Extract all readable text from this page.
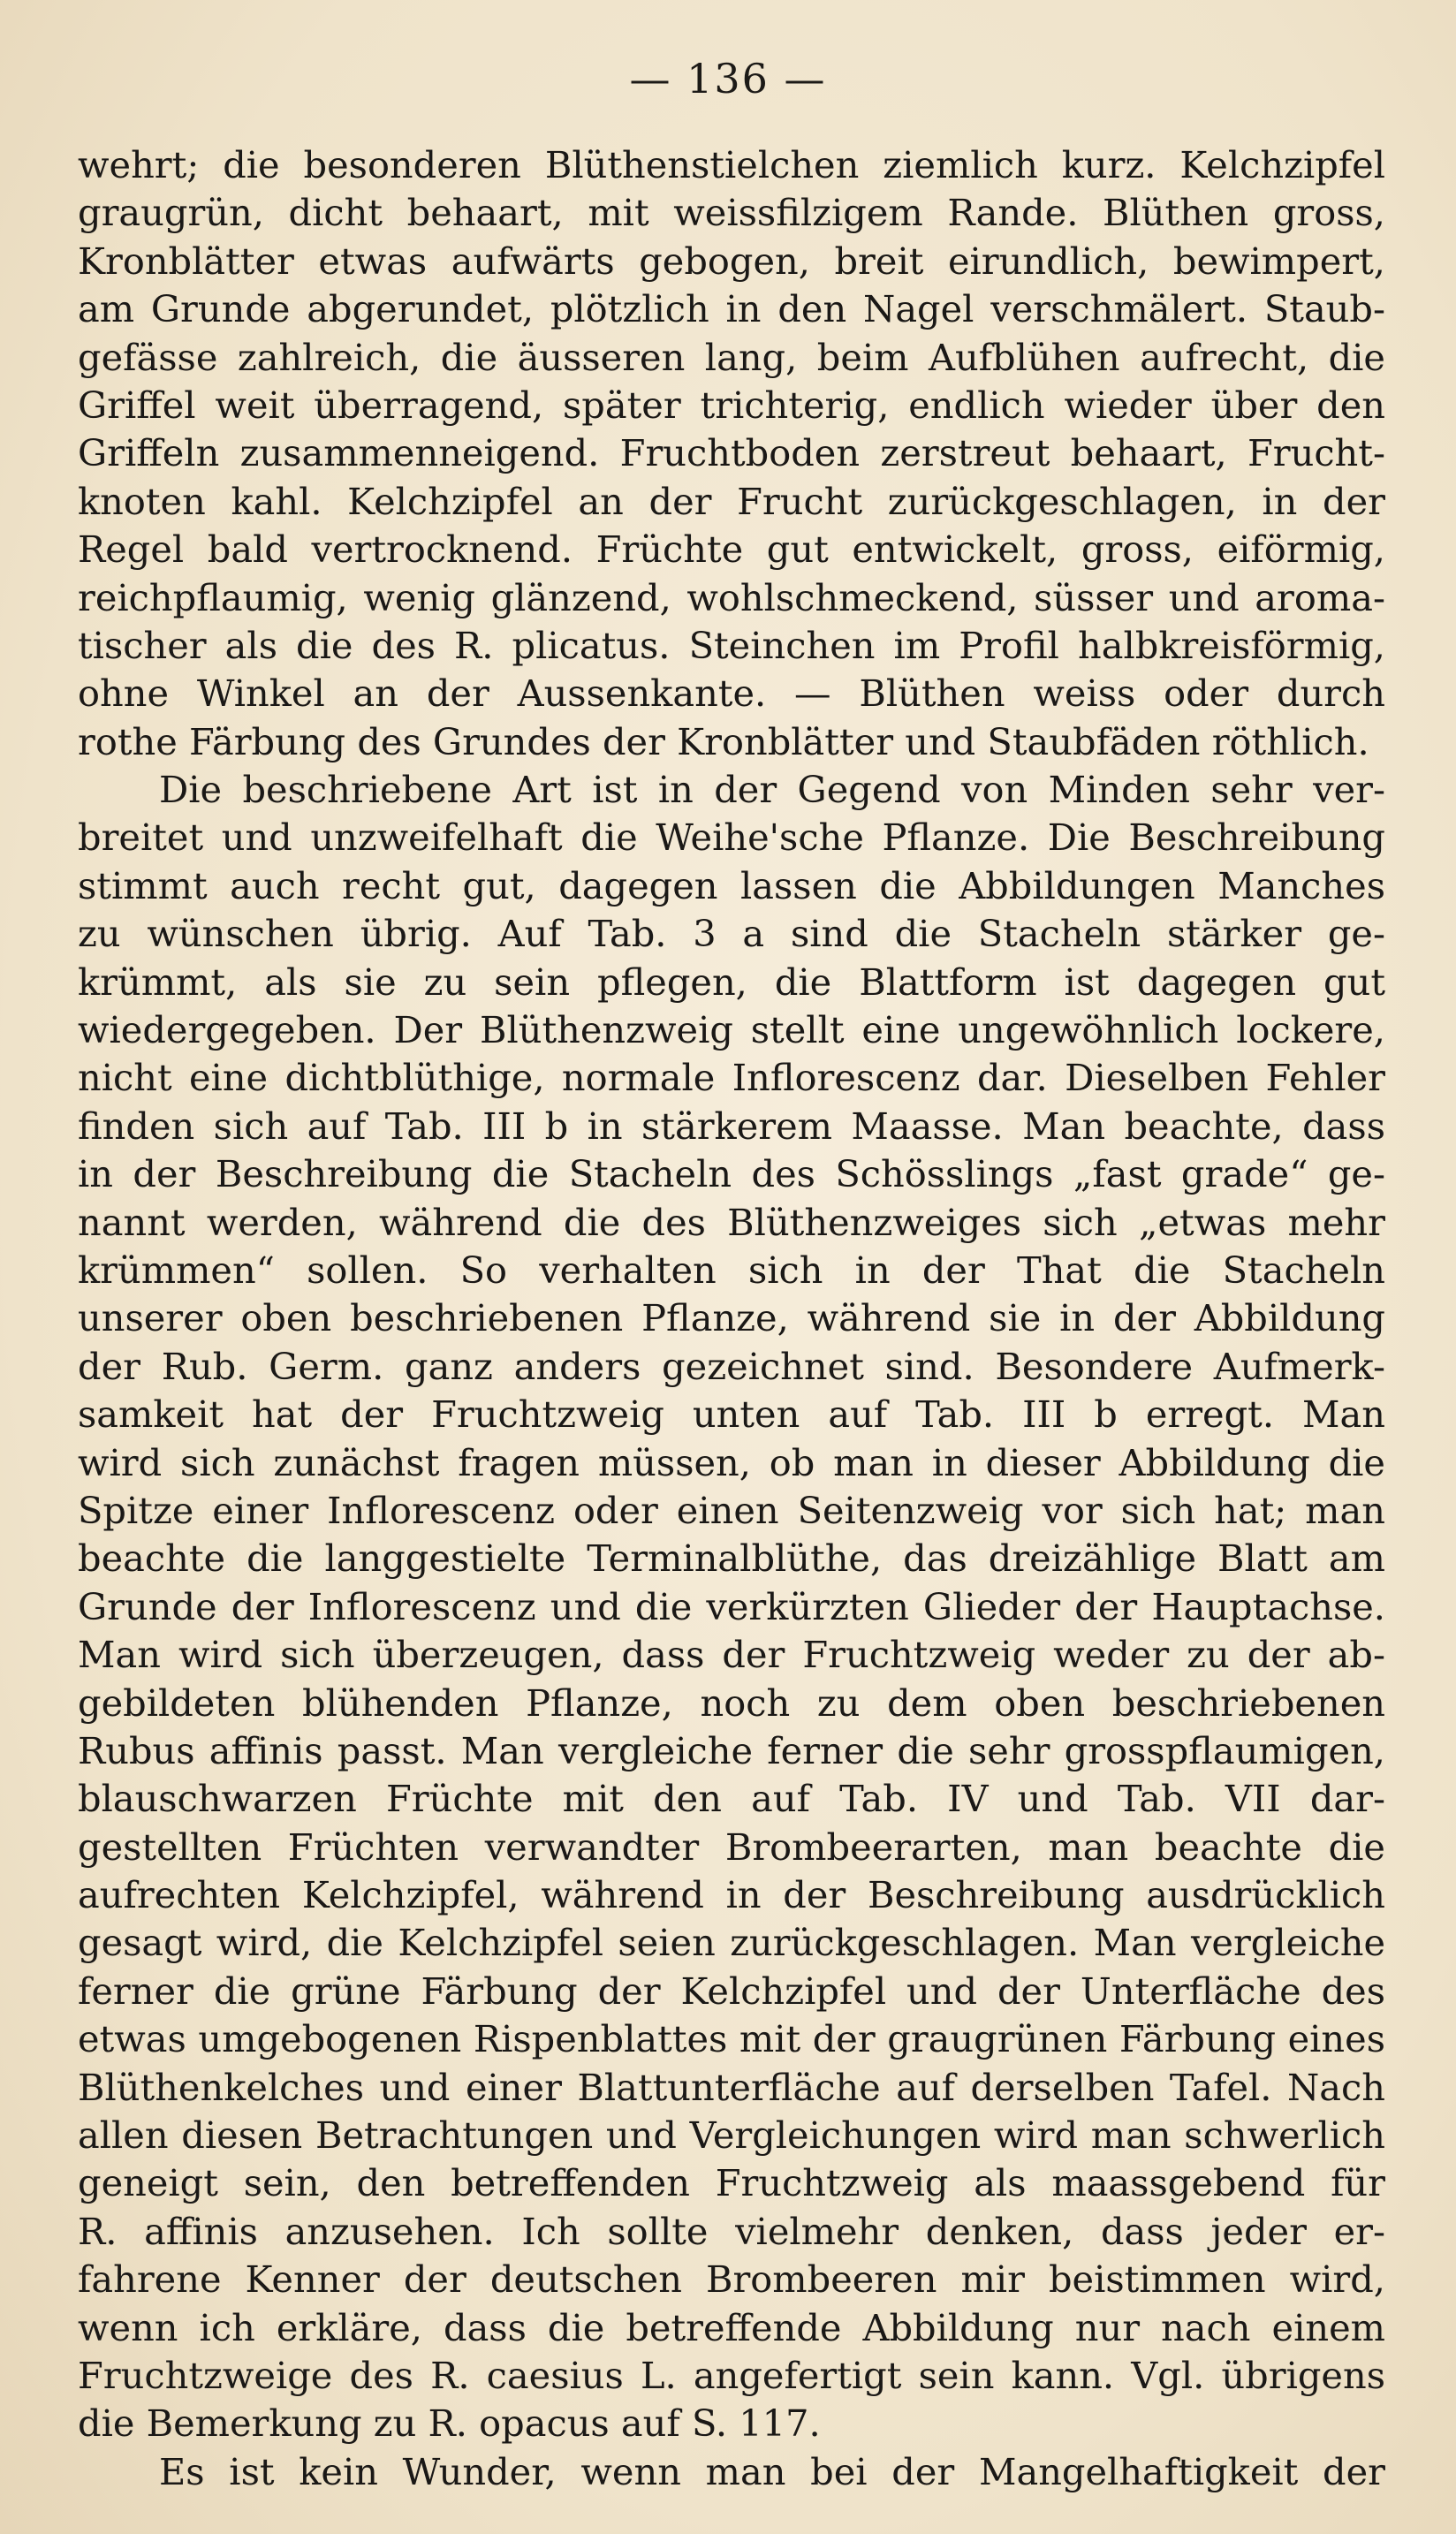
— 136 —
wehrt; die besonderen Blüthenstielchen ziemlich kurz. Kelchzipfel
graugrün, dicht behaart, mit weissfilzigem Rande. Blüthen gross,
Kronblätter etwas aufwärts gebogen, breit eirundlich, bewimpert,
am Grunde abgerundet, plötzlich in den Nagel verschmälert. Staub-
gefässe zahlreich, die äusseren lang, beim Aufblühen aufrecht, die
Griffel weit überragend, später trichterig, endlich wieder über den
Griffeln zusammenneigend. Fruchtboden zerstreut behaart, Frucht-
knoten kahl. Kelchzipfel an der Frucht zurückgeschlagen, in der
Regel bald vertrocknend. Früchte gut entwickelt, gross, eiförmig,
reichpflaumig, wenig glänzend, wohlschmeckend, süsser und aroma-
tischer als die des R. plicatus. Steinchen im Profil halbkreisförmig,
ohne Winkel an der Aussenkante. — Blüthen weiss oder durch
rothe Färbung des Grundes der Kronblätter und Staubfäden röthlich.
Die beschriebene Art ist in der Gegend von Minden sehr ver-
breitet und unzweifelhaft die Weihe'sche Pflanze. Die Beschreibung
stimmt auch recht gut, dagegen lassen die Abbildungen Manches
zu wünschen übrig. Auf Tab. 3 a sind die Stacheln stärker ge-
krümmt, als sie zu sein pflegen, die Blattform ist dagegen gut
wiedergegeben. Der Blüthenzweig stellt eine ungewöhnlich lockere,
nicht eine dichtblüthige, normale Inflorescenz dar. Dieselben Fehler
finden sich auf Tab. III b in stärkerem Maasse. Man beachte, dass
in der Beschreibung die Stacheln des Schösslings „fast grade“ ge-
nannt werden, während die des Blüthenzweiges sich „etwas mehr
krümmen“ sollen. So verhalten sich in der That die Stacheln
unserer oben beschriebenen Pflanze, während sie in der Abbildung
der Rub. Germ. ganz anders gezeichnet sind. Besondere Aufmerk-
samkeit hat der Fruchtzweig unten auf Tab. III b erregt. Man
wird sich zunächst fragen müssen, ob man in dieser Abbildung die
Spitze einer Inflorescenz oder einen Seitenzweig vor sich hat; man
beachte die langgestielte Terminalblüthe, das dreizählige Blatt am
Grunde der Inflorescenz und die verkürzten Glieder der Hauptachse.
Man wird sich überzeugen, dass der Fruchtzweig weder zu der ab-
gebildeten blühenden Pflanze, noch zu dem oben beschriebenen
Rubus affinis passt. Man vergleiche ferner die sehr grosspflaumigen,
blauschwarzen Früchte mit den auf Tab. IV und Tab. VII dar-
gestellten Früchten verwandter Brombeerarten, man beachte die
aufrechten Kelchzipfel, während in der Beschreibung ausdrücklich
gesagt wird, die Kelchzipfel seien zurückgeschlagen. Man vergleiche
ferner die grüne Färbung der Kelchzipfel und der Unterfläche des
etwas umgebogenen Rispenblattes mit der graugrünen Färbung eines
Blüthenkelches und einer Blattunterfläche auf derselben Tafel. Nach
allen diesen Betrachtungen und Vergleichungen wird man schwerlich
geneigt sein, den betreffenden Fruchtzweig als maassgebend für
R. affinis anzusehen. Ich sollte vielmehr denken, dass jeder er-
fahrene Kenner der deutschen Brombeeren mir beistimmen wird,
wenn ich erkläre, dass die betreffende Abbildung nur nach einem
Fruchtzweige des R. caesius L. angefertigt sein kann. Vgl. übrigens
die Bemerkung zu R. opacus auf S. 117.
Es ist kein Wunder, wenn man bei der Mangelhaftigkeit der
